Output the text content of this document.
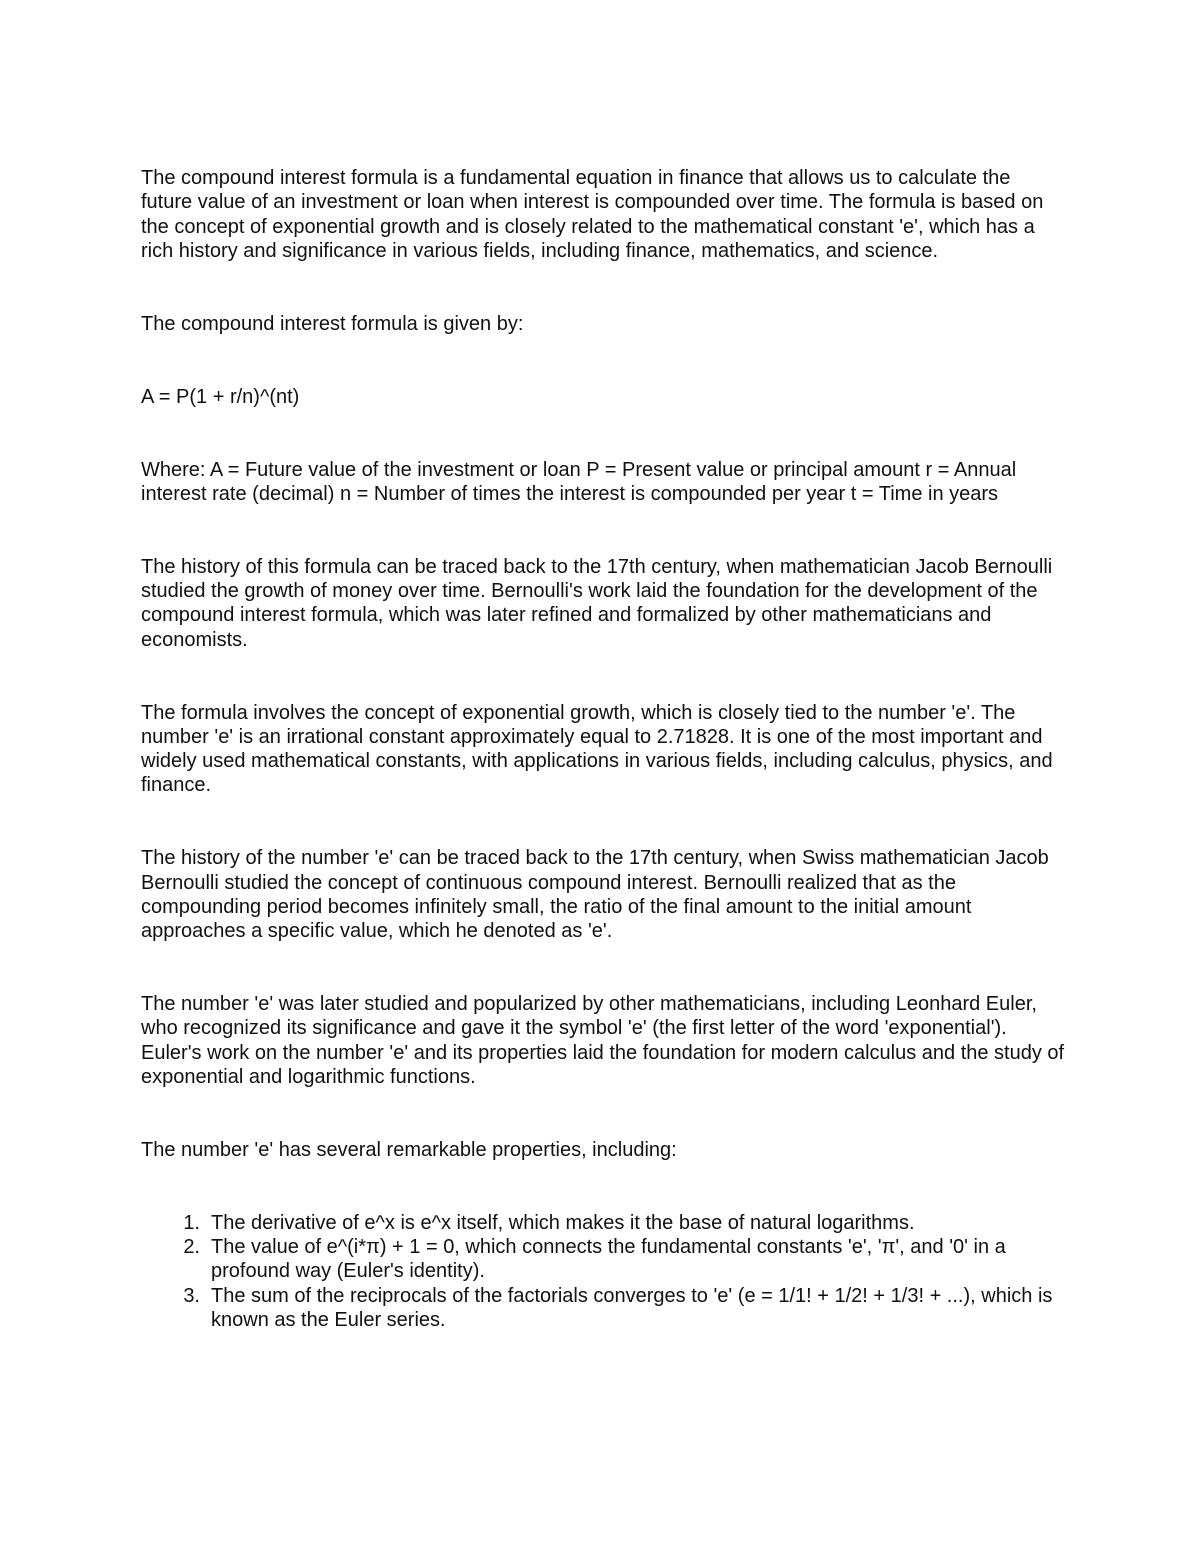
The compound interest formula is a fundamental equation in finance that allows us to calculate the future value of an investment or loan when interest is compounded over time. The formula is based on the concept of exponential growth and is closely related to the mathematical constant 'e', which has a rich history and significance in various fields, including finance, mathematics, and science.

The compound interest formula is given by:

A = P(1 + r/n)^(nt)

Where: A = Future value of the investment or loan P = Present value or principal amount r = Annual interest rate (decimal) n = Number of times the interest is compounded per year t = Time in years

The history of this formula can be traced back to the 17th century, when mathematician Jacob Bernoulli studied the growth of money over time. Bernoulli's work laid the foundation for the development of the compound interest formula, which was later refined and formalized by other mathematicians and economists.

The formula involves the concept of exponential growth, which is closely tied to the number 'e'. The number 'e' is an irrational constant approximately equal to 2.71828. It is one of the most important and widely used mathematical constants, with applications in various fields, including calculus, physics, and finance.

The history of the number 'e' can be traced back to the 17th century, when Swiss mathematician Jacob Bernoulli studied the concept of continuous compound interest. Bernoulli realized that as the compounding period becomes infinitely small, the ratio of the final amount to the initial amount approaches a specific value, which he denoted as 'e'.

The number 'e' was later studied and popularized by other mathematicians, including Leonhard Euler, who recognized its significance and gave it the symbol 'e' (the first letter of the word 'exponential'). Euler's work on the number 'e' and its properties laid the foundation for modern calculus and the study of exponential and logarithmic functions.

The number 'e' has several remarkable properties, including:

1. The derivative of e^x is e^x itself, which makes it the base of natural logarithms.
2. The value of e^(i*π) + 1 = 0, which connects the fundamental constants 'e', 'π', and '0' in a profound way (Euler's identity).
3. The sum of the reciprocals of the factorials converges to 'e' (e = 1/1! + 1/2! + 1/3! + ...), which is known as the Euler series.
